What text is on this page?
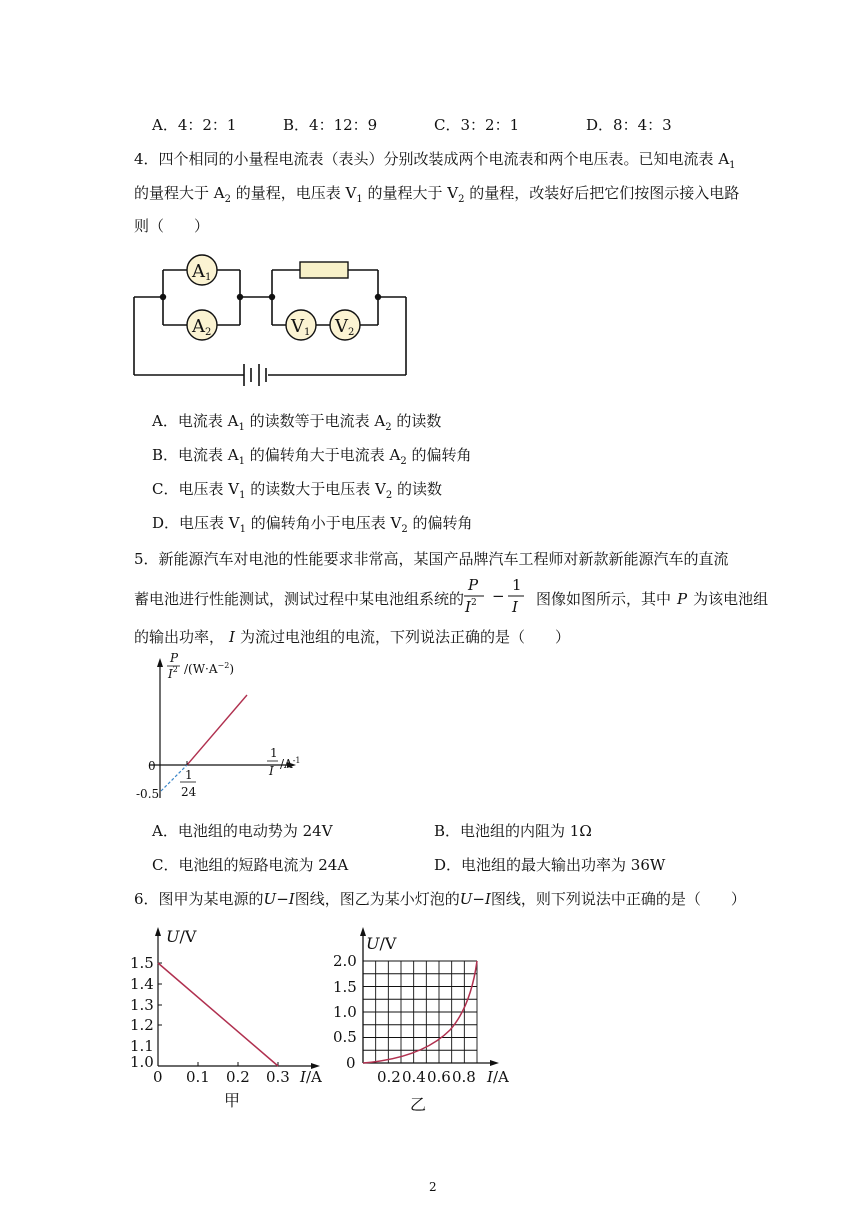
A．4：2：1	B．4：12：9	C．3：2：1	D．8：4：3
4．四个相同的小量程电流表（表头）分别改装成两个电流表和两个电压表。已知电流表 $A_1$
的量程大于 $A_2$ 的量程，电压表 $V_1$ 的量程大于 $V_2$ 的量程，改装好后把它们按图示接入电路
则（　　）
A1
A2	V1 V2
A．电流表 $A_1$ 的读数等于电流表 $A_2$ 的读数
B．电流表 $A_1$ 的偏转角大于电流表 $A_2$ 的偏转角
C．电压表 $V_1$ 的读数大于电压表 $V_2$ 的读数
D．电压表 $V_1$ 的偏转角小于电压表 $V_2$ 的偏转角
5．新能源汽车对电池的性能要求非常高，某国产品牌汽车工程师对新款新能源汽车的直流
蓄电池进行性能测试，测试过程中某电池组系统的	图像如图所示，其中 P 为该电池组
P
$I^2$ −
1
I
的输出功率， I 为流过电池组的电流，下列说法正确的是（　　）
P
$I^2$ $/(W\cdot A^{-2})$
1
I $/A^{-1}$
0
-0.5
1
24
A．电池组的电动势为 24V	B．电池组的内阻为 1Ω
C．电池组的短路电流为 24A	D．电池组的最大输出功率为 36W
6．图甲为某电源的U−I图线，图乙为某小灯泡的U−I图线，则下列说法中正确的是（　　）
U/V
1.5
1.4
1.3
1.2
1.1
1.0
0 0.1 0.2 0.3 I/A
甲
U/V
2.0
1.5
1.0
0.5
0
0.2 0.4 0.6 0.8 I/A
乙
2
